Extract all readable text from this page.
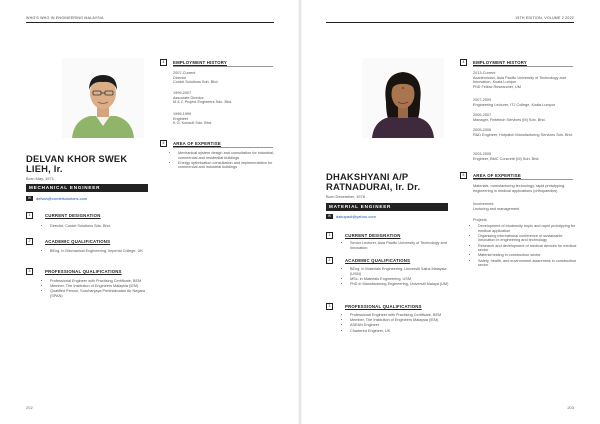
WHO'S WHO IN ENGINEERING MALAYSIA
DELVAN KHOR SWEK
LIEH, Ir.
Born May, 1971
MECHANICAL ENGINEER
✉	delvan@cordelsolutions.com
1	CURRENT DESIGNATION
• Director, Cordel Solutions Sdn. Bhd.
2	ACADEMIC QUALIFICATIONS
• BEng. in Mechanical Engineering, Imperial College, UK
3	PROFESSIONAL QUALIFICATIONS
• Professional Engineer with Practising Certificate, BEM
• Member, The Institution of Engineers Malaysia (IEM)
• Qualified Person, Suruhanjaya Perkhidmatan Air Negara (SPAN)
4	EMPLOYMENT HISTORY
2007-Current
Director
Cordel Solutions Sdn. Bhd.
1999-2007
Associate Director
M & C Project Engineers Sdn. Bhd.
1996-1999
Engineer
K.G. Konsult Sdn. Bhd.
5	AREA OF EXPERTISE
• Mechanical system design and consultation for industrial, commercial and residential buildings
• Energy optimisation consultation and implementation for commercial and industrial buildings
202
15TH EDITION, VOLUME 2 2022
DHAKSHYANI A/P
RATNADURAI, Ir. Dr.
Born December, 1976
MATERIAL ENGINEER
✉	dakupaol@yahoo.com
1	CURRENT DESIGNATION
• Senior Lecturer, Asia Pacific University of Technology and Innovation
2	ACADEMIC QUALIFICATIONS
• BEng. in Materials Engineering, Universiti Sains Malaysia (USM)
• MSc. in Materials Engineering, USM
• PhD in Manufacturing Engineering, Universiti Malaya (UM)
3	PROFESSIONAL QUALIFICATIONS
• Professional Engineer with Practising Certificate, BEM
• Member, The Institution of Engineers Malaysia (IEM)
• ASEAN Engineer
• Chartered Engineer, UK
4	EMPLOYMENT HISTORY
2013-Current
Academician, Asia Pacific University of Technology and Innovation, Kuala Lumpur
PhD Fellow Researcher, UM
2007-2009
Engineering Lecturer, ITJ College, Kuala Lumpur
2006-2007
Manager, Fintetech Services (M) Sdn. Bhd.
2005-2006
R&D Engineer, Hotpatch Manufacturing Services Sdn. Bhd.
2003-2005
Engineer, BMC Concrete (M) Sdn. Bhd.
5	AREA OF EXPERTISE
Materials, manufacturing technology, rapid prototyping, engineering in medical applications (orthopaedics)
Involvement
Lecturing and management
Projects
• Development of biodensity tropic and rapid prototyping for medical application
• Organising international conference of sustainable innovation in engineering and technology
• Research and development of medical devices for medical sector
• Material testing in construction sector
• Safety, health, and environment awareness in construction sector
203
